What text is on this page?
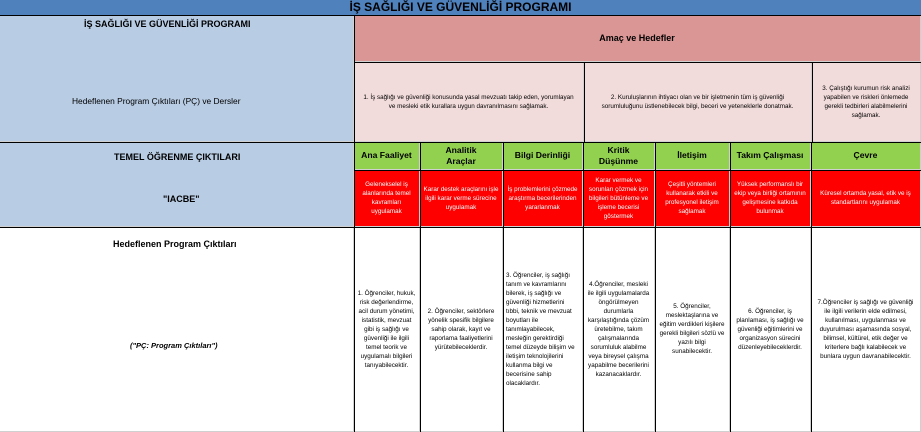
İŞ SAĞLIĞI VE GÜVENLİĞİ PROGRAMI
İŞ SAĞLIĞI VE GÜVENLİĞİ PROGRAMI
Hedeflenen Program Çıktıları (PÇ) ve Dersler
TEMEL ÖĞRENME ÇIKTILARI
"IACBE"
Hedeflenen Program Çıktıları
("PÇ: Program Çıktıları")
Amaç ve Hedefler
1. İş sağlığı ve güvenliği konusunda yasal mevzuatı takip eden, yorumlayan ve mesleki etik kurallara uygun davranılmasını sağlamak.
2. Kuruluşlarının ihtiyacı olan ve bir işletmenin tüm iş güvenliği sorumluluğunu üstlenebilecek bilgi, beceri ve yeteneklerle donatmak.
3. Çalıştığı kurumun risk analizi yapabilen ve riskleri önlemede gerekli tedbirleri alabilmelerini sağlamak.
Ana Faaliyet
Analitik Araçlar
Bilgi Derinliği
Kritik Düşünme
İletişim	Takım Çalışması	Çevre
Gelenekselel iş alanlarında temel kavramları uygulamak
Karar destek araçlarını işle ilgili karar verme sürecine uygulamak
İş problemlerini çözmede araştırma becerilerinden yararlanmak
Karar vermek ve sorunları çözmek için bilgileri bütünleme ve işleme becerisi göstermek
Çeşitli yöntemleri kullanarak etkili ve profesyonel iletişim sağlamak
Yüksek performanslı bir ekip veya birliği ortamının gelişmesine katkıda bulunmak
Küresel ortamda yasal, etik ve iş standartlarını uygulamak
1. Öğrenciler, hukuk, risk değerlendirme, acil durum yönetimi, istatistik, mevzuat gibi iş sağlığı ve güvenliği ile ilgili temel teorik ve uygulamalı bilgileri tanıyabilecektir.
2. Öğrenciler, sektörlere yönelik spesifik bilgilere sahip olarak, kayıt ve raporlama faaliyetlerini yürütebileceklerdir.
3. Öğrenciler, iş sağlığı tanım ve kavramlarını bilerek, iş sağlığı ve güvenliği hizmetlerini tıbbi, teknik ve mevzuat boyutları ile tanımlayabilecek, mesleğin gerektirdiği temel düzeyde bilişim ve iletişim teknolojilerini kullanma bilgi ve becerisine sahip olacaklardır.
4.Öğrenciler, mesleki ile ilgili uygulamalarda öngörülmeyen durumlarla karşılaştığında çözüm üretebilme, takım çalışmalarında sorumluluk alabilme veya bireysel çalışma yapabilme becerilerini kazanacaklardır.
5. Öğrenciler, meslektaşlarına ve eğitim verdikleri kişilere gerekli bilgileri sözlü ve yazılı bilgi sunabilecektir.
6. Öğrenciler, iş planlaması, iş sağlığı ve güvenliği eğitimlerini ve organizasyon sürecini düzenleyebileceklerdir.
7.Öğrenciler iş sağlığı ve güvenliği ile ilgili verilerin elde edilmesi, kullanılması, uygulanması ve duyurulması aşamasında sosyal, bilimsel, kültürel, etik değer ve kriterlere bağlı kalabilecek ve bunlara uygun davranabilecektir.
